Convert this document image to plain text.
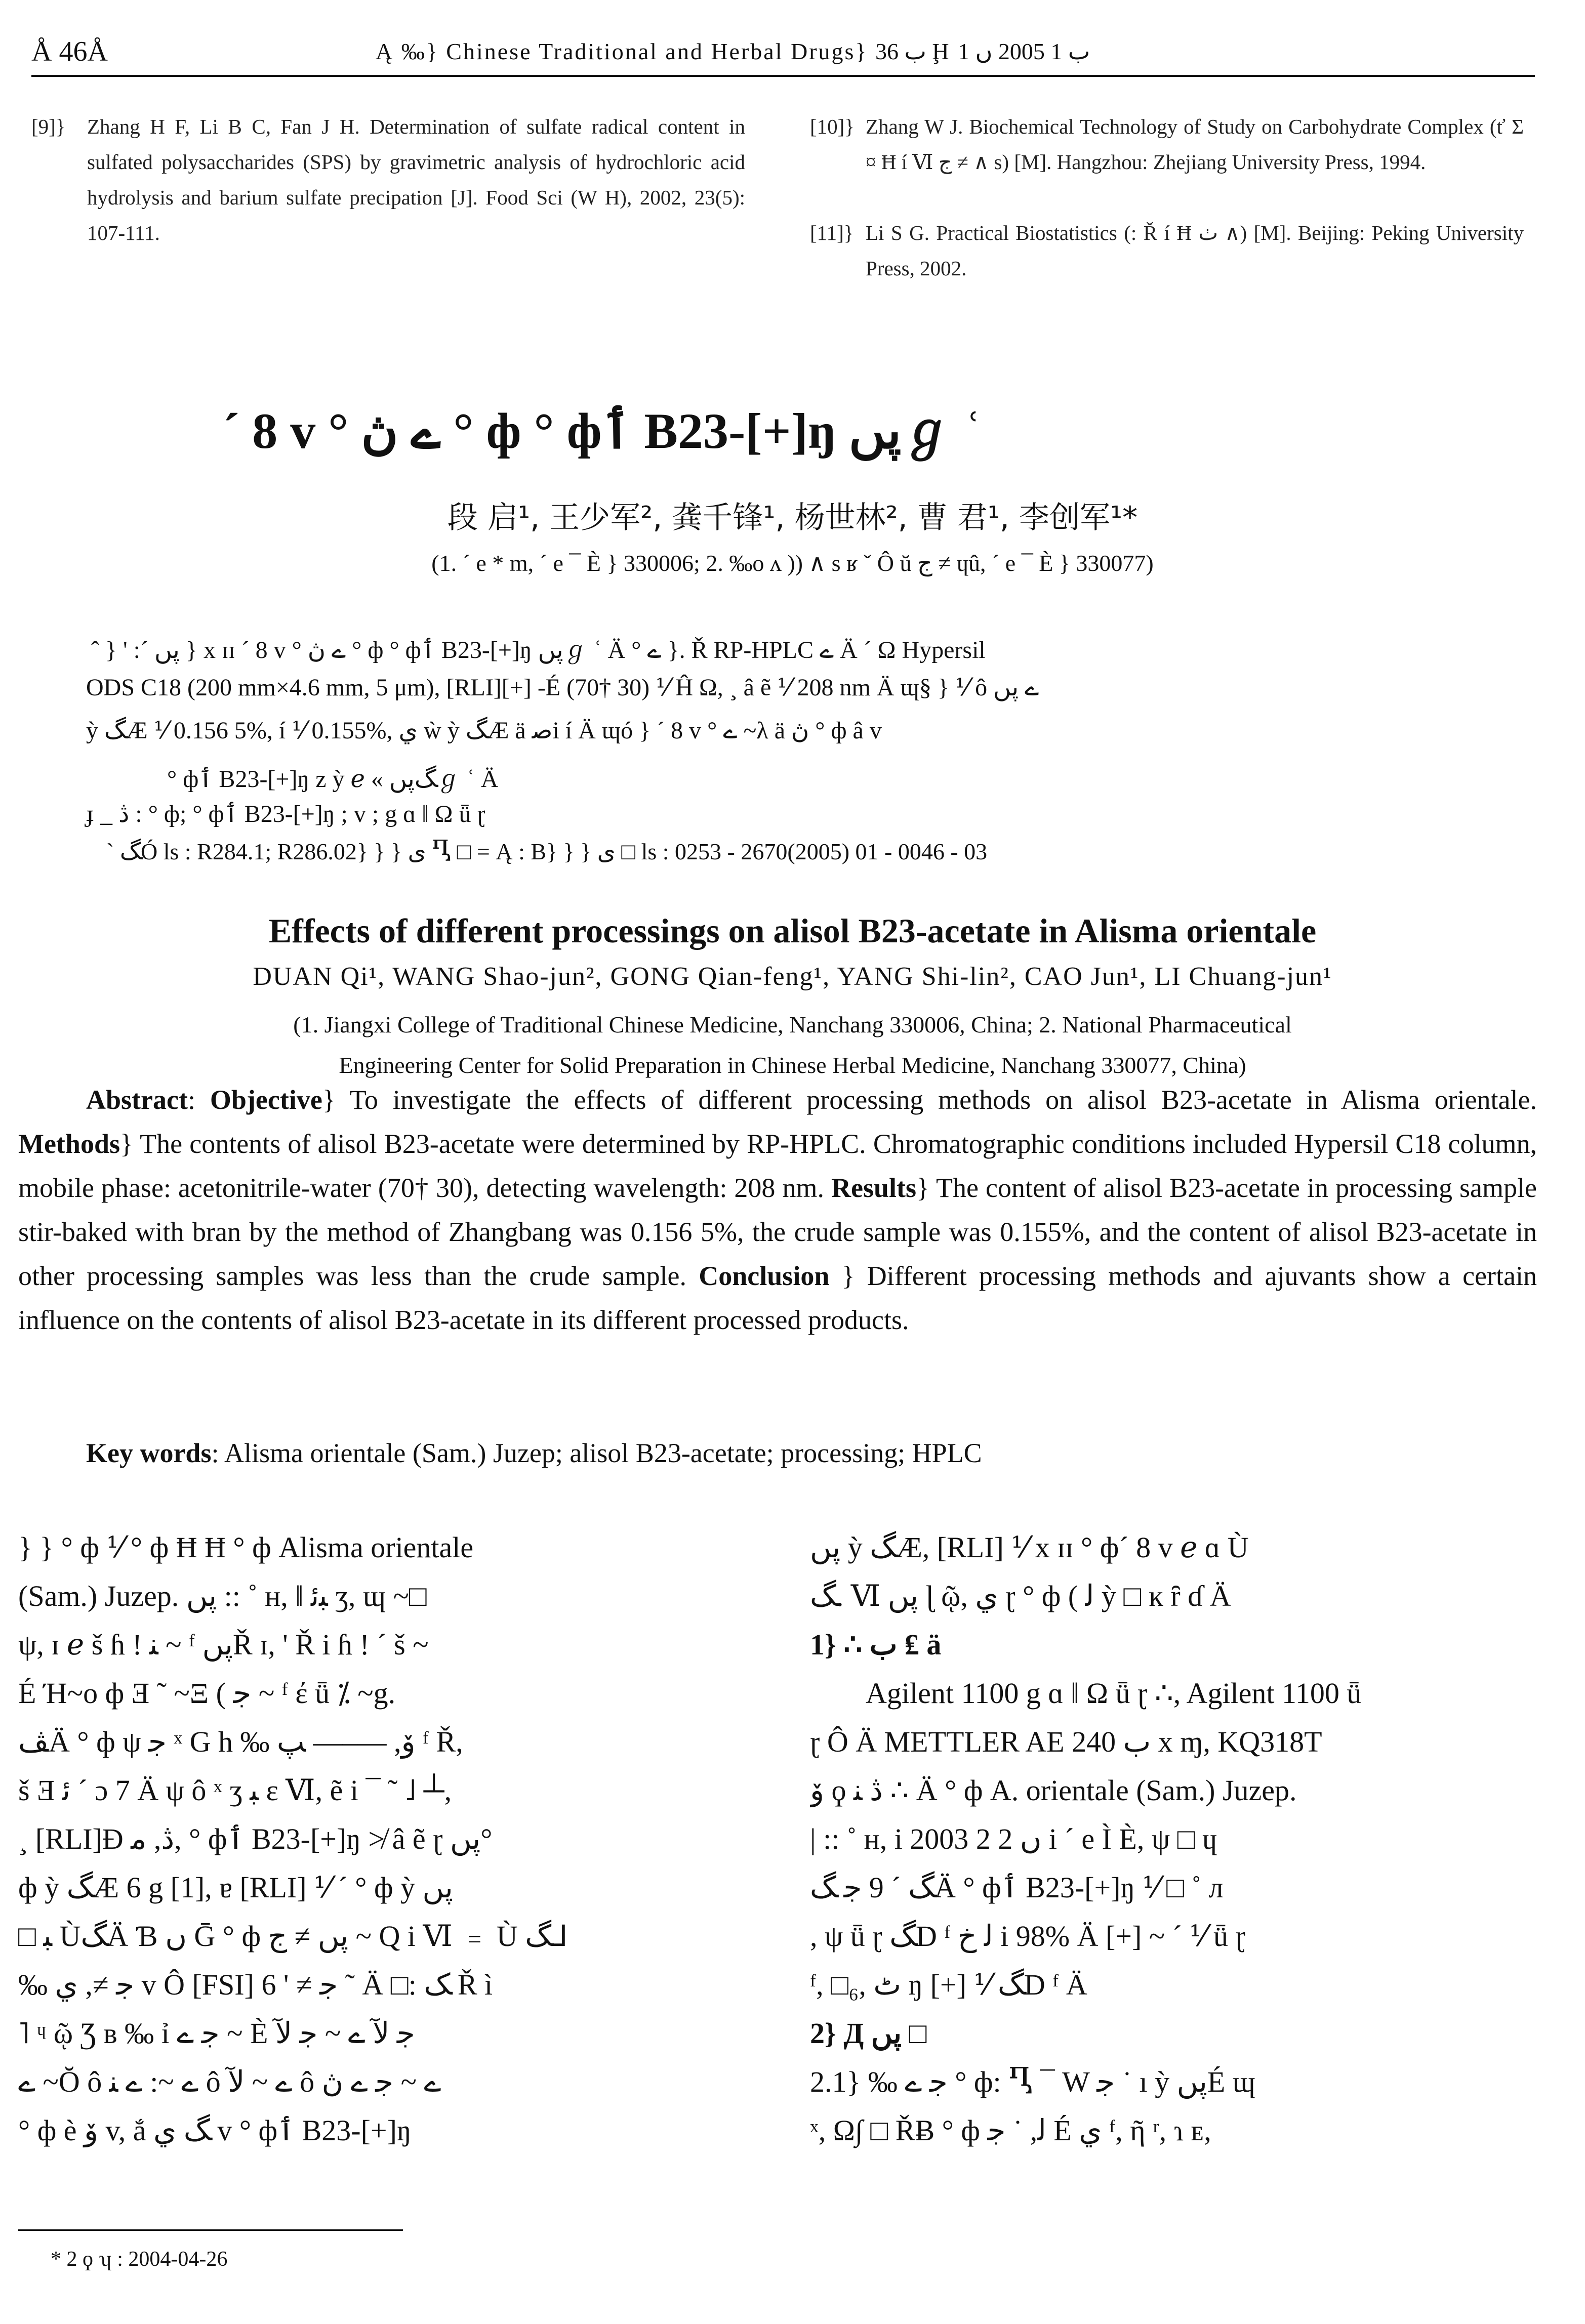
Å 46Å	Ą ‰} Chinese Traditional and Herbal Drugs} ب 36 Ḩ ب 1 2005 ں 1
[9]} Zhang H F, Li B C, Fan J H. Determination of sulfate radical content in sulfated polysaccharides (SPS) by gravimetric analysis of hydrochloric acid hydrolysis and barium sulfate precipation [J]. Food Sci (W H), 2002, 23(5): 107-111.
[10]} Zhang W J. Biochemical Technology of Study on Carbohydrate Complex (ť Σ ¤ Ħ í Ⅵ ج ≠ ∧ s) [M]. Hangzhou: Zhejiang University Press, 1994.
[11]} Li S G. Practical Biostatistics (: Ř í Ħ ٺ ∧) [M]. Beijing: Peking University Press, 2002.
ˊ 8 v ° ے ڽ ° ф ° фٲ B23-[+]ŋ پںℊ ʿ
段 启¹, 王少军², 龚千锋¹, 杨世林², 曹 君¹, 李创军¹*
(1. ˊ e * m, ˊ e ¯ È } 330006; 2. ‰o ʌ )) ∧ s ʁ ˇ Ô ŭ ج ≠ ɥû, ˊ e ¯ È } 330077)
ˆ } ' :ˊ پں } x ɪɪ ˊ 8 v ° ے ڽ ° ф ° фٲ B23-[+]ŋ پںℊ ʿ Ä ° ے }. Ř RP-HPLC ے Ä ˊ Ω Hypersil
ODS C18 (200 mm×4.6 mm, 5 μm), [RLI][+] -É (70† 30) ⅟ Ĥ Ω, ¸ â ẽ ⅟ 208 nm Ä ɰ§ } ⅟ ô ے پں
ỳ ﮓÆ ⅟ 0.156 5%, í ⅟ 0.155%, ي ẁ ỳ ﮓÆ ä ﺻi í Ä ɰó } ˊ 8 v ° ے ~λ ä ڽ ° ф â v
° фٲ B23-[+]ŋ z ỳ ℯ « ﮓپںℊ ʿ Ä
ɟ _ ڎ : ° ф; ° фٲ B23-[+]ŋ ; v ; g ɑ ‖ Ω ǖ ɽ
ˋ ﮓÓ ls : R284.1; R286.02} } } ى Ⴂ □ = Ą : B} } } ى □ ls : 0253 - 2670(2005) 01 - 0046 - 03
Effects of different processings on alisol B23-acetate in Alisma orientale
DUAN Qi¹, WANG Shao-jun², GONG Qian-feng¹, YANG Shi-lin², CAO Jun¹, LI Chuang-jun¹
(1. Jiangxi College of Traditional Chinese Medicine, Nanchang 330006, China; 2. National Pharmaceutical
Engineering Center for Solid Preparation in Chinese Herbal Medicine, Nanchang 330077, China)
Abstract: Objective} To investigate the effects of different processing methods on alisol B23-acetate in Alisma orientale. Methods} The contents of alisol B23-acetate were determined by RP-HPLC. Chromatographic conditions included Hypersil C18 column, mobile phase: acetonitrile-water (70† 30), detecting wavelength: 208 nm. Results} The content of alisol B23-acetate in processing sample stir-baked with bran by the method of Zhangbang was 0.156 5%, the crude sample was 0.155%, and the content of alisol B23-acetate in other processing samples was less than the crude sample. Conclusion } Different processing methods and ajuvants show a certain influence on the contents of alisol B23-acetate in its different processed products.
Key words: Alisma orientale (Sam.) Juzep; alisol B23-acetate; processing; HPLC
} } ° ф ⅟ ° ф Ħ Ħ ° ф Alisma orientale
(Sam.) Juzep. پں :: ˚ ʜ, ‖ ﺒﺋ ʒ, ɰ ~□
ψ, ɪ ℯ š ɦ ! ﻨ ~ ᶠ پںŘ ɪ, ' Ř i ɦ ! ˊ š ~
É Ή~o ф Ǝ ˜ ~Ξ ( ﺟ ~ ᶠ έ ǖ ⁒ ~g.
ﭫÄ ° ф ψ ﺟ ˣ G h ‰ ﯙ, —‒— ﭗ ᶠ Ř,
š Ǝ ﺋ ˊ ɔ 7 Ä ψ ô ˣ ʒ ﺒ ɛ Ⅵ, ẽ i ¯ ˜ ˩ ┴,
¸ [RLI]Ɖ ڎ, ﻣ, ° фٲ B23-[+]ŋ ≯ â ẽ ɽ پں°
ф ỳ ﮓÆ 6 g [1], ɐ [RLI] ⅟ ˊ ° ф ỳ پں
□ ﺒ ÙﮓÄ Ɓ ں Ḡ ° ф پں ≠ ج ~ Q i Ⅵ ﹦ Ù ﮓ⅃
‰ ﺟ ≠, ي v Ô [FSI] ﺟ ≠ ' 6 ˜ Ä □: ﮏ Ř ì
˥ ᶣ ῷ Ʒ ʙ ‰ ỉ ﺟ ے ~ È ﺟ ﻵ ے ~ ﺟ ﻵ
ے ~Ŏ ô ے ~: ے ﻨ ô ے ~ ﻵ ô ے ~ ﺟ ے ڽ
° ф è ﯙ v, ắ ﮓ ي v ° фٲ B23-[+]ŋ
پں ỳ ﮓÆ, [RLI] ⅟ x ɪɪ ° фˊ 8 v ℯ ɑ Ù
ﮓ. Ⅵ پں ɭ ῷ, ي ɽ ° ф ( ﻟ ỳ □ ĸ ȓ ɗ Ä
1} ∴ ب ₤ ä
Agilent 1100 g ɑ ‖ Ω ǖ ɽ ∴, Agilent 1100 ǖ
ɽ Ô Ä METTLER AE 240 ب x ɱ, KQ318T
ﯙ ϙ ڎ ﻨ ∴ Ä ° ф A. orientale (Sam.) Juzep.
| :: ˚ ʜ, i 2003 ں 2 2 i ˊ e Ì È, ψ □ ɥ
ﮓ ˊ 9 ﺟ ﮓÄ ° фٲ B23-[+]ŋ ⅟ □ ˚ л
, ψ ǖ ɽ ﮓD ᶠ ﻟ ﺥ i 98% Ä [+] ~ ˊ ⅟ ǖ ɽ
ᶠ, □₆, ٹ ŋ [+] ⅟ ﮓD ᶠ Ä
2} Д پں □
2.1} ‰ ﺟ ے ° ф: Ⴂ ¯ W ﺟ ˙ ı ỳ پںÉ ɰ
ˣ, Ω∫ □ ŘɃ ° ф ﻟ, ˙ ﺟ É ي ᶠ, ῆ ʳ, ɿ ᴇ,
* 2 ϙ ʮ : 2004-04-26
